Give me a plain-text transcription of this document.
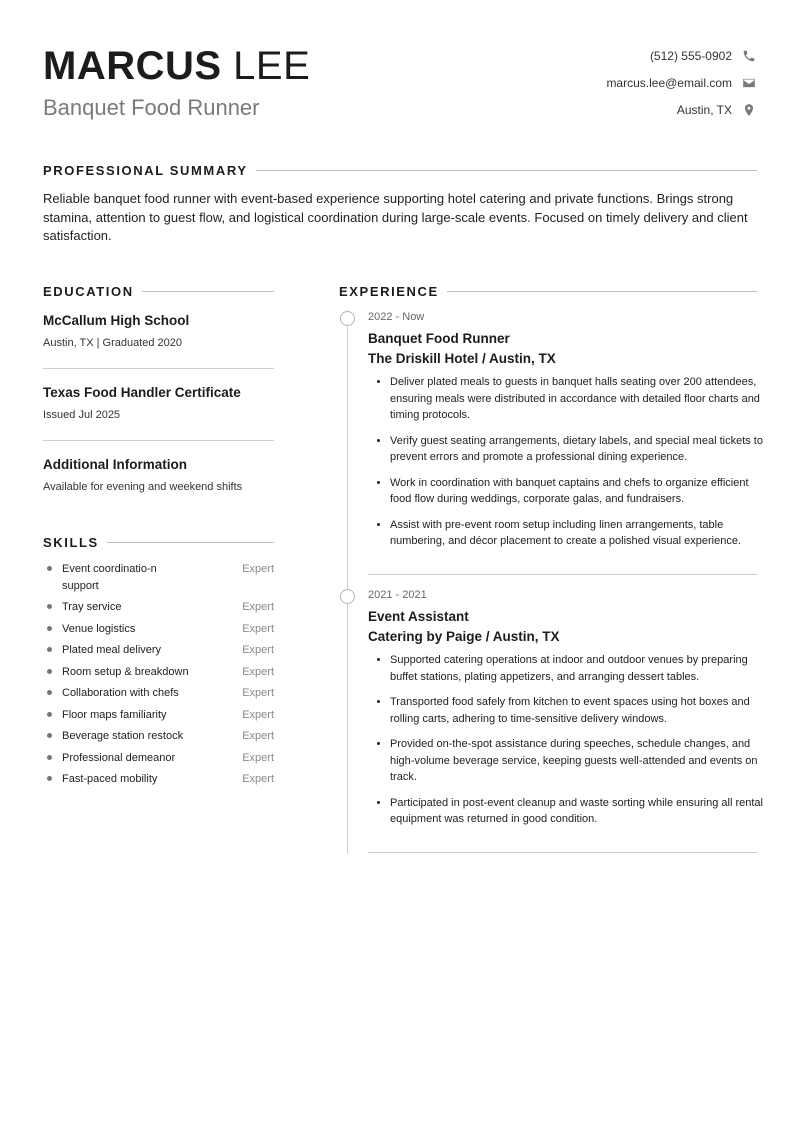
MARCUS LEE
Banquet Food Runner
(512) 555-0902
marcus.lee@email.com
Austin, TX
PROFESSIONAL SUMMARY
Reliable banquet food runner with event-based experience supporting hotel catering and private functions. Brings strong stamina, attention to guest flow, and logistical coordination during large-scale events. Focused on timely delivery and client satisfaction.
EDUCATION
McCallum High School
Austin, TX | Graduated 2020
Texas Food Handler Certificate
Issued Jul 2025
Additional Information
Available for evening and weekend shifts
SKILLS
Event coordinatio-n support
Expert
Tray service	Expert
Venue logistics	Expert
Plated meal delivery	Expert
Room setup & breakdown	Expert
Collaboration with chefs	Expert
Floor maps familiarity	Expert
Beverage station restock	Expert
Professional demeanor	Expert
Fast-paced mobility	Expert
EXPERIENCE
2022 - Now
Banquet Food Runner
The Driskill Hotel / Austin, TX
• Deliver plated meals to guests in banquet halls seating over 200 attendees, ensuring meals were distributed in accordance with detailed floor charts and timing protocols.
• Verify guest seating arrangements, dietary labels, and special meal tickets to prevent errors and promote a professional dining experience.
• Work in coordination with banquet captains and chefs to organize efficient food flow during weddings, corporate galas, and fundraisers.
• Assist with pre-event room setup including linen arrangements, table numbering, and décor placement to create a polished visual experience.
2021 - 2021
Event Assistant
Catering by Paige / Austin, TX
• Supported catering operations at indoor and outdoor venues by preparing buffet stations, plating appetizers, and arranging dessert tables.
• Transported food safely from kitchen to event spaces using hot boxes and rolling carts, adhering to time-sensitive delivery windows.
• Provided on-the-spot assistance during speeches, schedule changes, and high-volume beverage service, keeping guests well-attended and events on track.
• Participated in post-event cleanup and waste sorting while ensuring all rental equipment was returned in good condition.
